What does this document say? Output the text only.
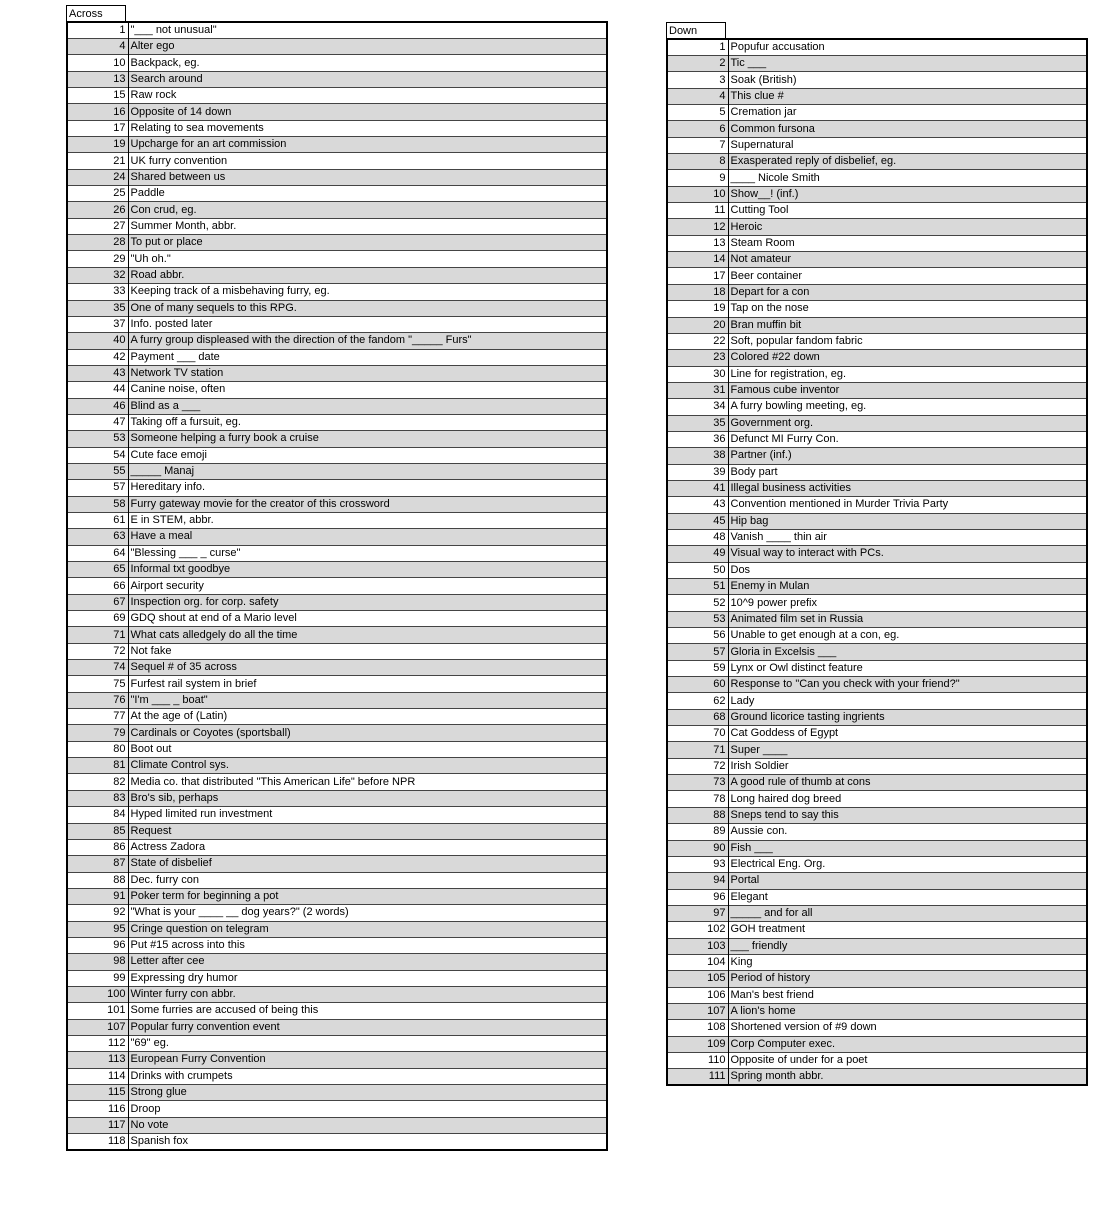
Across
1	"___ not unusual"
4	Alter ego
10	Backpack, eg.
13	Search around
15	Raw rock
16	Opposite of 14 down
17	Relating to sea movements
19	Upcharge for an art commission
21	UK furry convention
24	Shared between us
25	Paddle
26	Con crud, eg.
27	Summer Month, abbr.
28	To put or place
29	"Uh oh."
32	Road abbr.
33	Keeping track of a misbehaving furry, eg.
35	One of many sequels to this RPG.
37	Info. posted later
40	A furry group displeased with the direction of the fandom "_____ Furs"
42	Payment ___ date
43	Network TV station
44	Canine noise, often
46	Blind as a ___
47	Taking off a fursuit, eg.
53	Someone helping a furry book a cruise
54	Cute face emoji
55	_____ Manaj
57	Hereditary info.
58	Furry gateway movie for the creator of this crossword
61	E in STEM, abbr.
63	Have a meal
64	"Blessing ___ _ curse"
65	Informal txt goodbye
66	Airport security
67	Inspection org. for corp. safety
69	GDQ shout at end of a Mario level
71	What cats alledgely do all the time
72	Not fake
74	Sequel # of 35 across
75	Furfest rail system in brief
76	"I'm ___ _ boat"
77	At the age of (Latin)
79	Cardinals or Coyotes (sportsball)
80	Boot out
81	Climate Control sys.
82	Media co. that distributed "This American Life" before NPR
83	Bro's sib, perhaps
84	Hyped limited run investment
85	Request
86	Actress Zadora
87	State of disbelief
88	Dec. furry con
91	Poker term for beginning a pot
92	"What is your ____ __ dog years?" (2 words)
95	Cringe question on telegram
96	Put #15 across into this
98	Letter after cee
99	Expressing dry humor
100	Winter furry con abbr.
101	Some furries are accused of being this
107	Popular furry convention event
112	"69" eg.
113	European Furry Convention
114	Drinks with crumpets
115	Strong glue
116	Droop
117	No vote
118	Spanish fox
Down
1	Popufur accusation
2	Tic ___
3	Soak (British)
4	This clue #
5	Cremation jar
6	Common fursona
7	Supernatural
8	Exasperated reply of disbelief, eg.
9	____ Nicole Smith
10	Show__! (inf.)
11	Cutting Tool
12	Heroic
13	Steam Room
14	Not amateur
17	Beer container
18	Depart for a con
19	Tap on the nose
20	Bran muffin bit
22	Soft, popular fandom fabric
23	Colored #22 down
30	Line for registration, eg.
31	Famous cube inventor
34	A furry bowling meeting, eg.
35	Government org.
36	Defunct MI Furry Con.
38	Partner (inf.)
39	Body part
41	Illegal business activities
43	Convention mentioned in Murder Trivia Party
45	Hip bag
48	Vanish ____ thin air
49	Visual way to interact with PCs.
50	Dos
51	Enemy in Mulan
52	10^9 power prefix
53	Animated film set in Russia
56	Unable to get enough at a con, eg.
57	Gloria in Excelsis ___
59	Lynx or Owl distinct feature
60	Response to "Can you check with your friend?"
62	Lady
68	Ground licorice tasting ingrients
70	Cat Goddess of Egypt
71	Super ____
72	Irish Soldier
73	A good rule of thumb at cons
78	Long haired dog breed
88	Sneps tend to say this
89	Aussie con.
90	Fish ___
93	Electrical Eng. Org.
94	Portal
96	Elegant
97	_____ and for all
102	GOH treatment
103	___ friendly
104	King
105	Period of history
106	Man's best friend
107	A lion's home
108	Shortened version of #9 down
109	Corp Computer exec.
110	Opposite of under for a poet
111	Spring month abbr.
